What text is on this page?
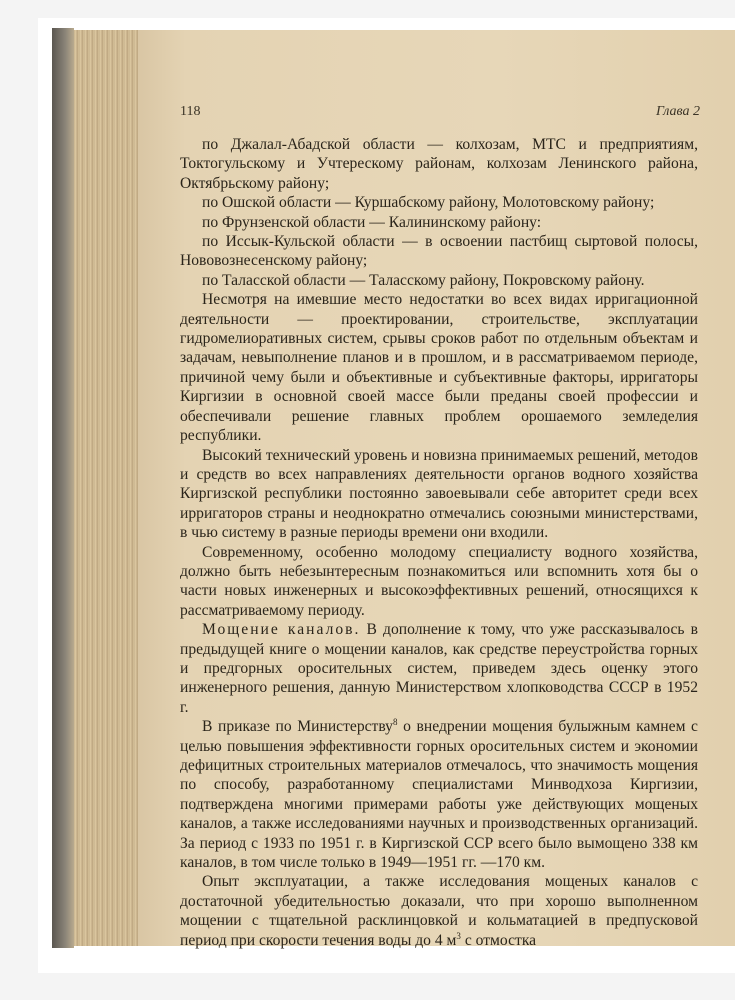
118	Глава 2

по Джалал-Абадской области — колхозам, МТС и предприятиям, Токтогульскому и Учтерескому районам, колхозам Ленинского района, Октябрьскому району;

по Ошской области — Куршабскому району, Молотовскому району;

по Фрунзенской области — Калининскому району:

по Иссык-Кульской области — в освоении пастбищ сыртовой полосы, Нововознесенскому району;

по Таласской области — Таласскому району, Покровскому району.

Несмотря на имевшие место недостатки во всех видах ирригационной деятельности — проектировании, строительстве, эксплуатации гидромелиоративных систем, срывы сроков работ по отдельным объектам и задачам, невыполнение планов и в прошлом, и в рассматриваемом периоде, причиной чему были и объективные и субъективные факторы, ирригаторы Киргизии в основной своей массе были преданы своей профессии и обеспечивали решение главных проблем орошаемого земледелия республики.

Высокий технический уровень и новизна принимаемых решений, методов и средств во всех направлениях деятельности органов водного хозяйства Киргизской республики постоянно завоевывали себе авторитет среди всех ирригаторов страны и неоднократно отмечались союзными министерствами, в чью систему в разные периоды времени они входили.

Современному, особенно молодому специалисту водного хозяйства, должно быть небезынтересным познакомиться или вспомнить хотя бы о части новых инженерных и высокоэффективных решений, относящихся к рассматриваемому периоду.

Мощение каналов. В дополнение к тому, что уже рассказывалось в предыдущей книге о мощении каналов, как средстве переустройства горных и предгорных оросительных систем, приведем здесь оценку этого инженерного решения, данную Министерством хлопководства СССР в 1952 г.

В приказе по Министерству$^8$ о внедрении мощения булыжным камнем с целью повышения эффективности горных оросительных систем и экономии дефицитных строительных материалов отмечалось, что значимость мощения по способу, разработанному специалистами Минводхоза Киргизии, подтверждена многими примерами работы уже действующих мощеных каналов, а также исследованиями научных и производственных организаций. За период с 1933 по 1951 г. в Киргизской ССР всего было вымощено 338 км каналов, в том числе только в 1949—1951 гг. —170 км.

Опыт эксплуатации, а также исследования мощеных каналов с достаточной убедительностью доказали, что при хорошо выполненном мощении с тщательной расклинцовкой и кольматацией в предпусковой период при скорости течения воды до 4 $м^3$ с отмостка
